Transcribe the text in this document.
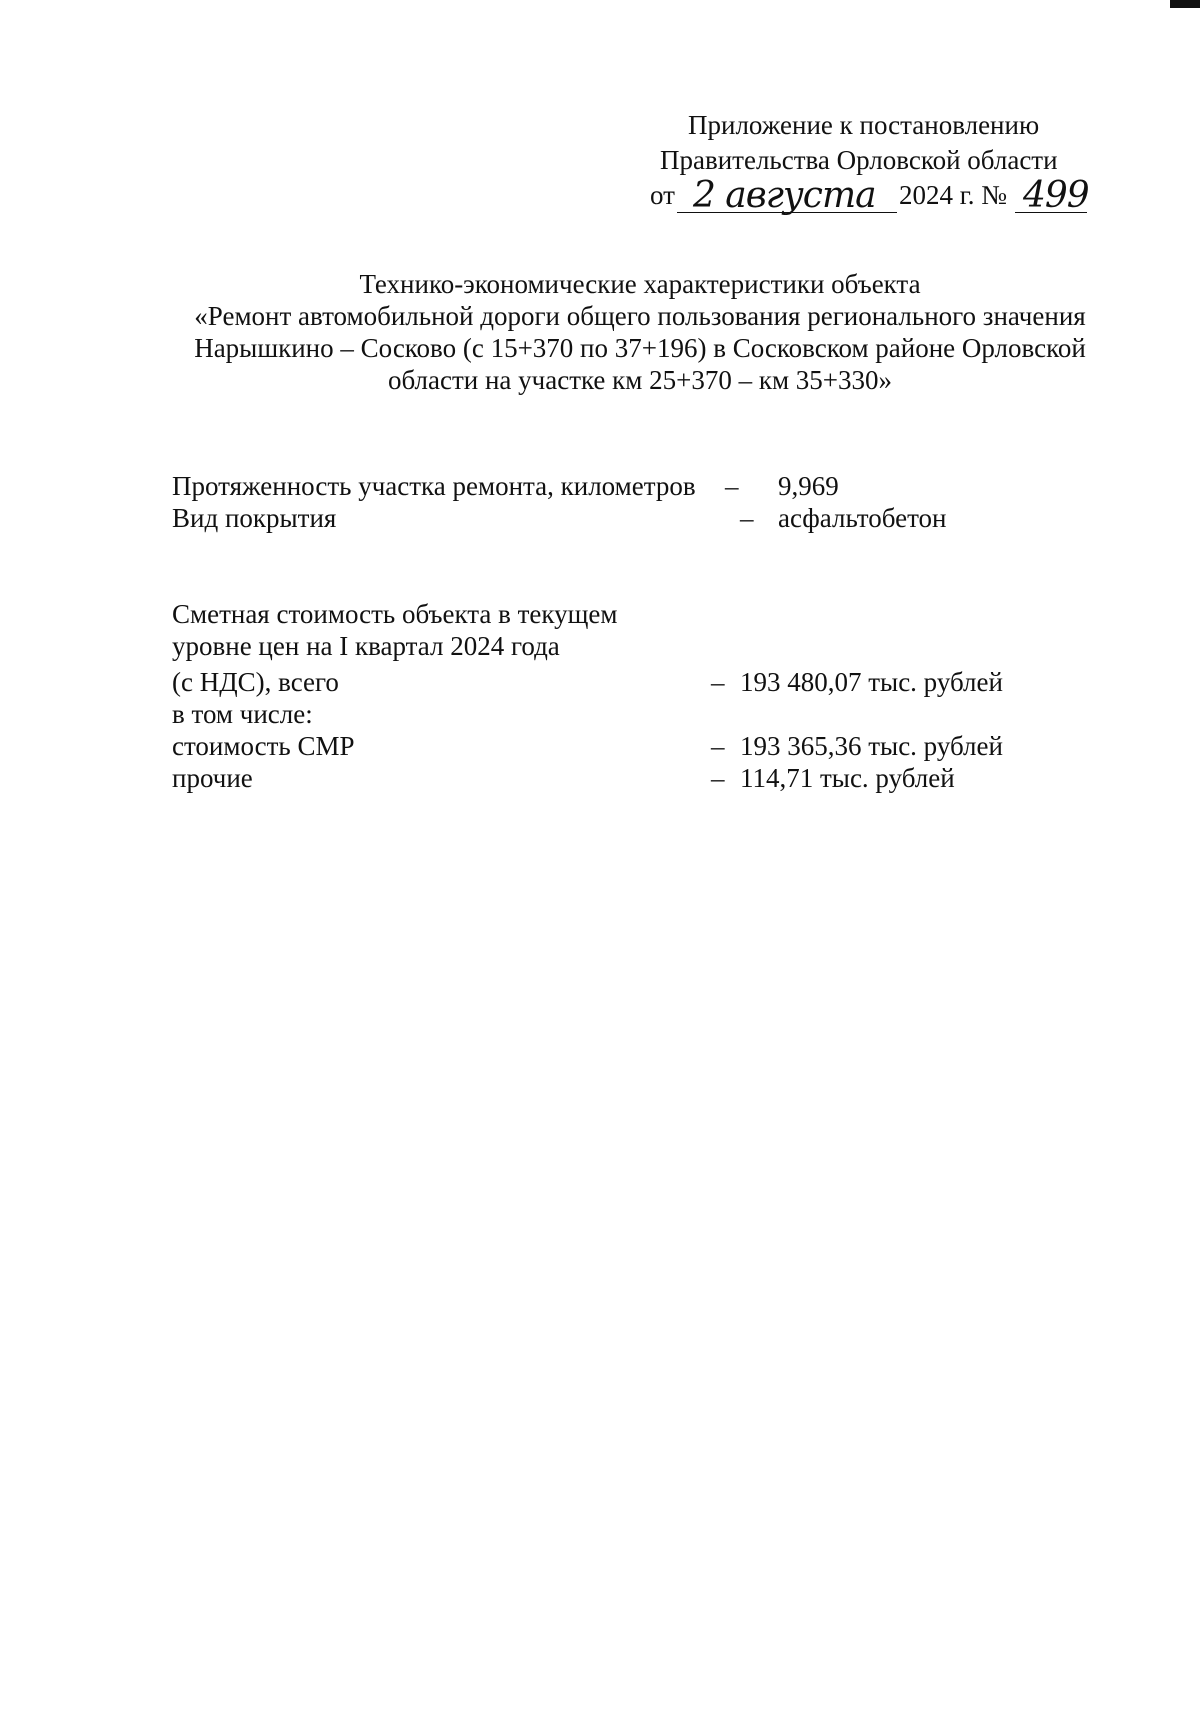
Приложение к постановлению
Правительства Орловской области
от 2 августа 2024 г. № 499
Технико-экономические характеристики объекта
«Ремонт автомобильной дороги общего пользования регионального значения
Нарышкино – Сосково (с 15+370 по 37+196) в Сосковском районе Орловской
области на участке км 25+370 – км 35+330»
Протяженность участка ремонта, километров – 9,969
Вид покрытия	– асфальтобетон
Сметная стоимость объекта в текущем
уровне цен на I квартал 2024 года
(с НДС), всего	– 193 480,07 тыс. рублей
в том числе:
стоимость СМР	– 193 365,36 тыс. рублей
прочие	– 114,71 тыс. рублей
